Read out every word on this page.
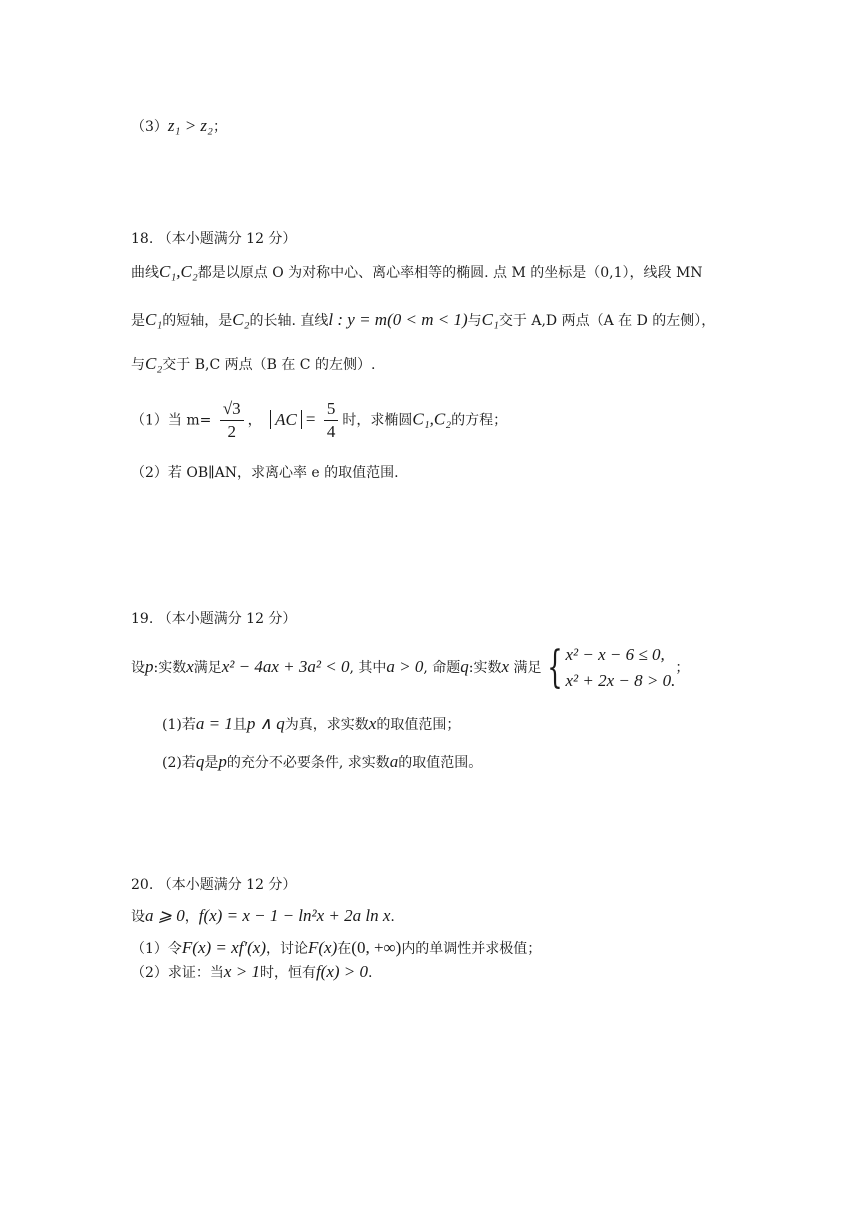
（3）z₁ > z₂；
18. （本小题满分 12 分）
曲线C₁,C₂都是以原点 O 为对称中心、离心率相等的椭圆. 点 M 的坐标是（0,1），线段 MN
是C₁的短轴，是C₂的长轴. 直线l : y = m(0 < m < 1)与C₁交于 A,D 两点（A 在 D 的左侧），
与C₂交于 B,C 两点（B 在 C 的左侧）.
（1）当 $m= \frac{√3}{2}$ ， AC = $\frac{5}{4}$ 时，求椭圆C₁,C₂的方程；
（2）若 OB∥AN，求离心率 e 的取值范围.
19. （本小题满分 12 分）
设p:实数x满足x² − 4ax + 3a² < 0, 其中a > 0, 命题q:实数x 满足 { x² − x − 6 ≤ 0,
x² + 2x − 8 > 0.
；
(1)若a = 1且p ∧ q为真，求实数x的取值范围；
(2)若q是p的充分不必要条件, 求实数a的取值范围。
20. （本小题满分 12 分）
设a ⩾ 0，f(x) = x − 1 − ln²x + 2a ln x.
（1）令F(x) = xf′(x)，讨论F(x)在(0, +∞)内的单调性并求极值；
（2）求证：当x > 1时，恒有f(x) > 0.
